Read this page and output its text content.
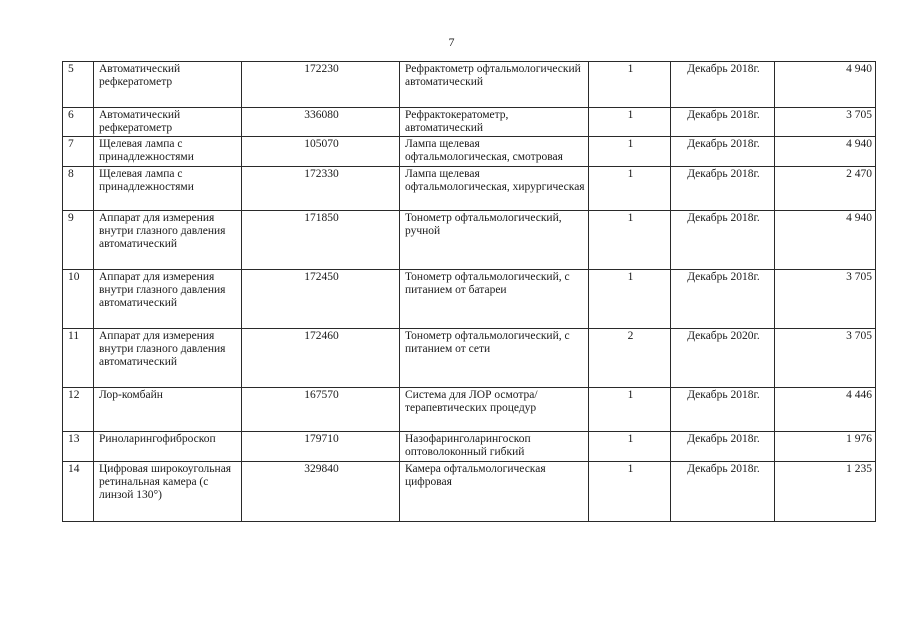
7
5	Автоматический рефкератометр	172230	Рефрактометр офтальмологический автоматический	1	Декабрь 2018г.	4 940
6	Автоматический рефкератометр	336080	Рефрактокератометр, автоматический	1	Декабрь 2018г.	3 705
7	Щелевая лампа с принадлежностями	105070	Лампа щелевая офтальмологическая, смотровая	1	Декабрь 2018г.	4 940
8	Щелевая лампа с принадлежностями	172330	Лампа щелевая офтальмологическая, хирургическая	1	Декабрь 2018г.	2 470
9	Аппарат для измерения внутри глазного давления автоматический	171850	Тонометр офтальмологический, ручной	1	Декабрь 2018г.	4 940
10	Аппарат для измерения внутри глазного давления автоматический	172450	Тонометр офтальмологический, с питанием от батареи	1	Декабрь 2018г.	3 705
11	Аппарат для измерения внутри глазного давления автоматический	172460	Тонометр офтальмологический, с питанием от сети	2	Декабрь 2020г.	3 705
12	Лор-комбайн	167570	Система для ЛОР осмотра/терапевтических процедур	1	Декабрь 2018г.	4 446
13	Риноларингофиброскоп	179710	Назофаринголарингоскоп оптоволоконный гибкий	1	Декабрь 2018г.	1 976
14	Цифровая широкоугольная ретинальная камера (с линзой 130°)	329840	Камера офтальмологическая цифровая	1	Декабрь 2018г.	1 235
